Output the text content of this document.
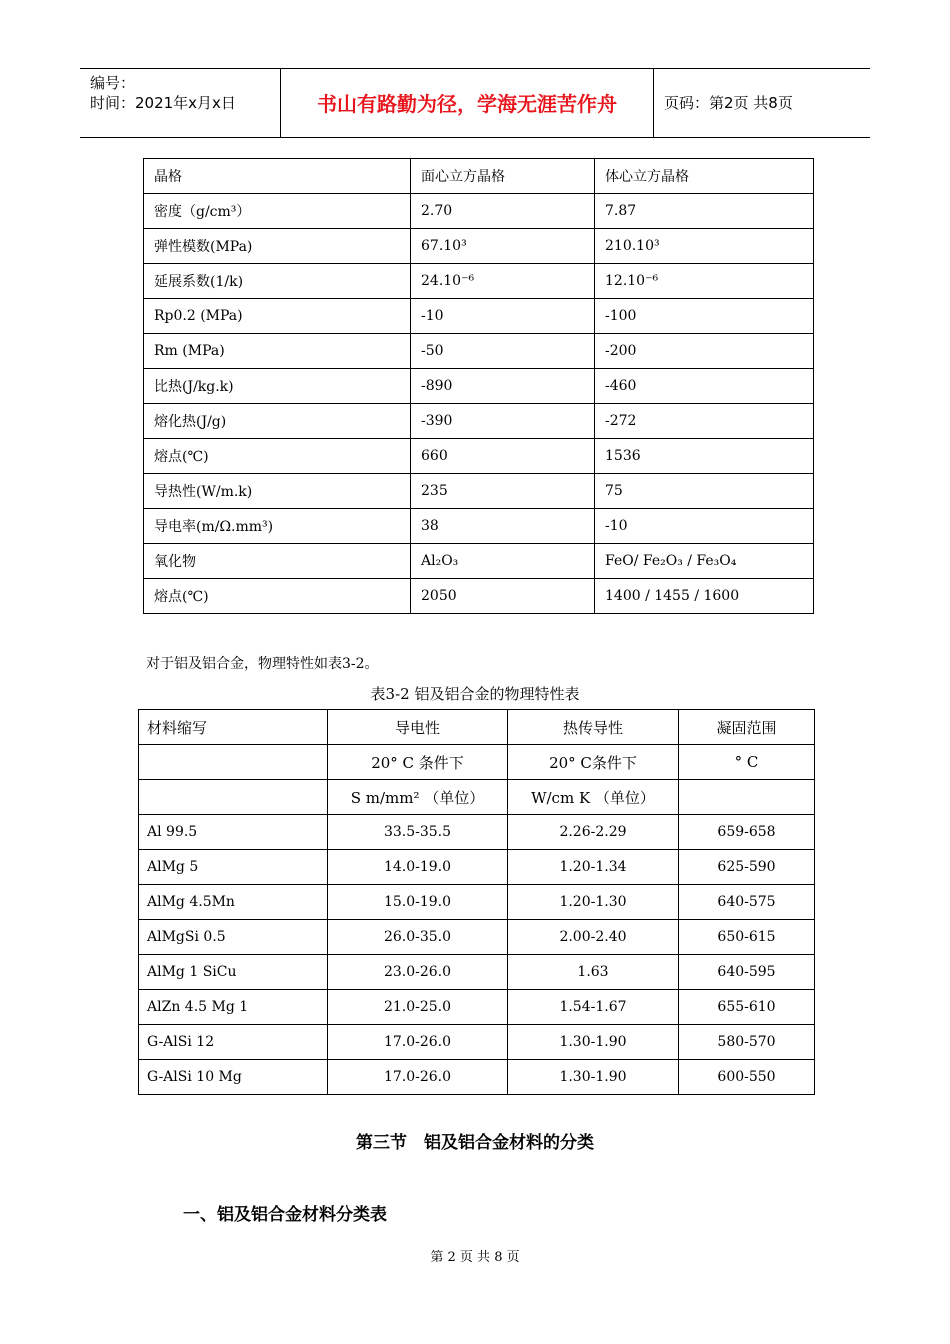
编号：
时间：2021年x月x日	书山有路勤为径，学海无涯苦作舟	页码：第2页 共8页
晶格	面心立方晶格	体心立方晶格
密度（g/cm³）	2.70	7.87
弹性模数(MPa)	67.10³	210.10³
延展系数(1/k)	24.10⁻⁶	12.10⁻⁶
Rp0.2 (MPa)	-10	-100
Rm (MPa)	-50	-200
比热(J/kg.k)	-890	-460
熔化热(J/g)	-390	-272
熔点(℃)	660	1536
导热性(W/m.k)	235	75
导电率(m/Ω.mm³)	38	-10
氧化物	Al₂O₃	FeO/ Fe₂O₃ / Fe₃O₄
熔点(℃)	2050	1400 / 1455 / 1600
对于铝及铝合金，物理特性如表3-2。
表3-2 铝及铝合金的物理特性表
材料缩写	导电性	热传导性	凝固范围
	20° C 条件下	20° C条件下	° C
	S m/mm² （单位）	W/cm K （单位）	
Al 99.5	33.5-35.5	2.26-2.29	659-658
AlMg 5	14.0-19.0	1.20-1.34	625-590
AlMg 4.5Mn	15.0-19.0	1.20-1.30	640-575
AlMgSi 0.5	26.0-35.0	2.00-2.40	650-615
AlMg 1 SiCu	23.0-26.0	1.63	640-595
AlZn 4.5 Mg 1	21.0-25.0	1.54-1.67	655-610
G-AlSi 12	17.0-26.0	1.30-1.90	580-570
G-AlSi 10 Mg	17.0-26.0	1.30-1.90	600-550
第三节　铝及铝合金材料的分类
一、铝及铝合金材料分类表
第 2 页 共 8 页
